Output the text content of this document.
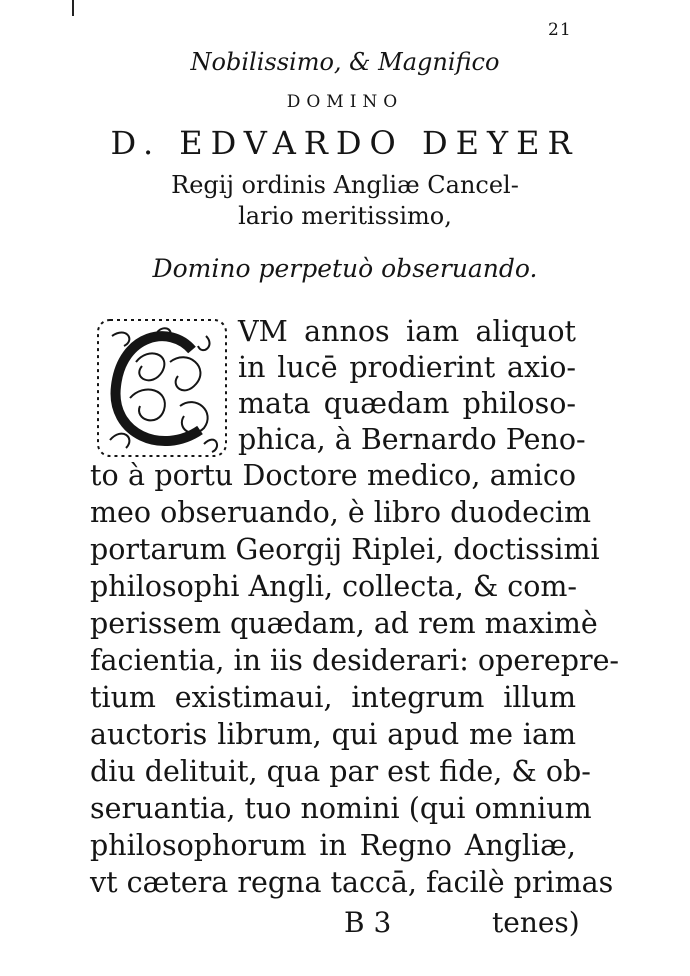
21
Nobilissimo, & Magnifico
DOMINO
D. EDVARDO DEYER
Regij ordinis Angliæ Cancel-
lario meritissimo,
Domino perpetuò obseruando.
VM annos iam aliquot
in lucē prodierint axio-
mata quædam philoso-
phica, à Bernardo Peno-
to à portu Doctore medico, amico
meo obseruando, è libro duodecim
portarum Georgij Riplei, doctissimi
philosophi Angli, collecta, & com-
perissem quædam, ad rem maximè
facientia, in iis desiderari: operepre-
tium existimaui, integrum illum
auctoris librum, qui apud me iam
diu delituit, qua par est fide, & ob-
seruantia, tuo nomini (qui omnium
philosophorum in Regno Angliæ,
vt cætera regna taccā, facilè primas
B 3	tenes)
